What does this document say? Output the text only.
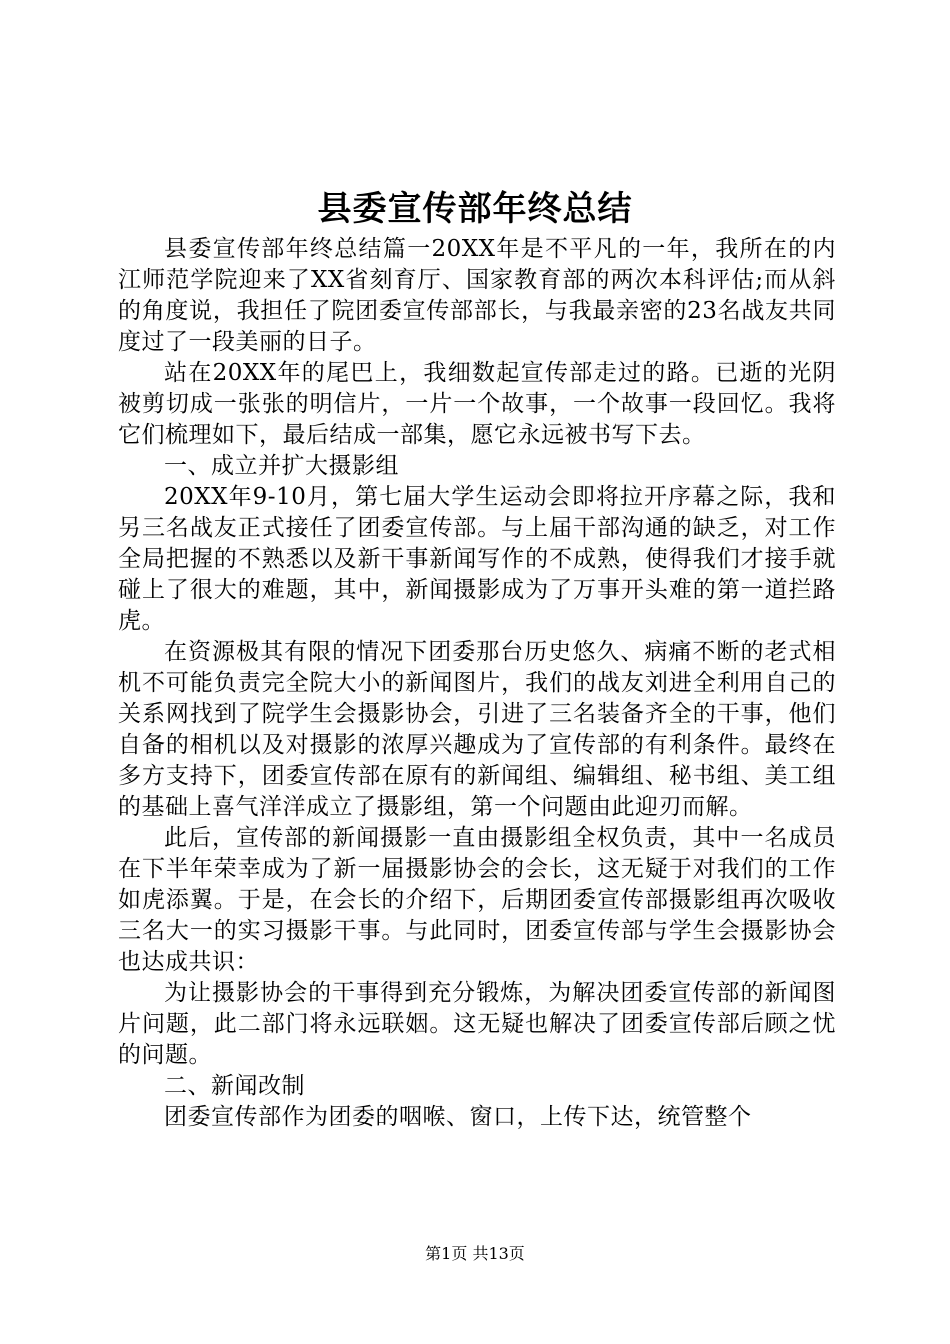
县委宣传部年终总结

县委宣传部年终总结篇一20XX年是不平凡的一年，我所在的内江师范学院迎来了XX省刻育厅、国家教育部的两次本科评估;而从斜的角度说，我担任了院团委宣传部部长，与我最亲密的23名战友共同度过了一段美丽的日子。

站在20XX年的尾巴上，我细数起宣传部走过的路。已逝的光阴被剪切成一张张的明信片，一片一个故事，一个故事一段回忆。我将它们梳理如下，最后结成一部集，愿它永远被书写下去。

一、成立并扩大摄影组

20XX年9-10月，第七届大学生运动会即将拉开序幕之际，我和另三名战友正式接任了团委宣传部。与上届干部沟通的缺乏，对工作全局把握的不熟悉以及新干事新闻写作的不成熟，使得我们才接手就碰上了很大的难题，其中，新闻摄影成为了万事开头难的第一道拦路虎。

在资源极其有限的情况下团委那台历史悠久、病痛不断的老式相机不可能负责完全院大小的新闻图片，我们的战友刘进全利用自己的关系网找到了院学生会摄影协会，引进了三名装备齐全的干事，他们自备的相机以及对摄影的浓厚兴趣成为了宣传部的有利条件。最终在多方支持下，团委宣传部在原有的新闻组、编辑组、秘书组、美工组的基础上喜气洋洋成立了摄影组，第一个问题由此迎刃而解。

此后，宣传部的新闻摄影一直由摄影组全权负责，其中一名成员在下半年荣幸成为了新一届摄影协会的会长，这无疑于对我们的工作如虎添翼。于是，在会长的介绍下，后期团委宣传部摄影组再次吸收三名大一的实习摄影干事。与此同时，团委宣传部与学生会摄影协会也达成共识：

为让摄影协会的干事得到充分锻炼，为解决团委宣传部的新闻图片问题，此二部门将永远联姻。这无疑也解决了团委宣传部后顾之忧的问题。

二、新闻改制

团委宣传部作为团委的咽喉、窗口，上传下达，统管整个

第1页 共13页
